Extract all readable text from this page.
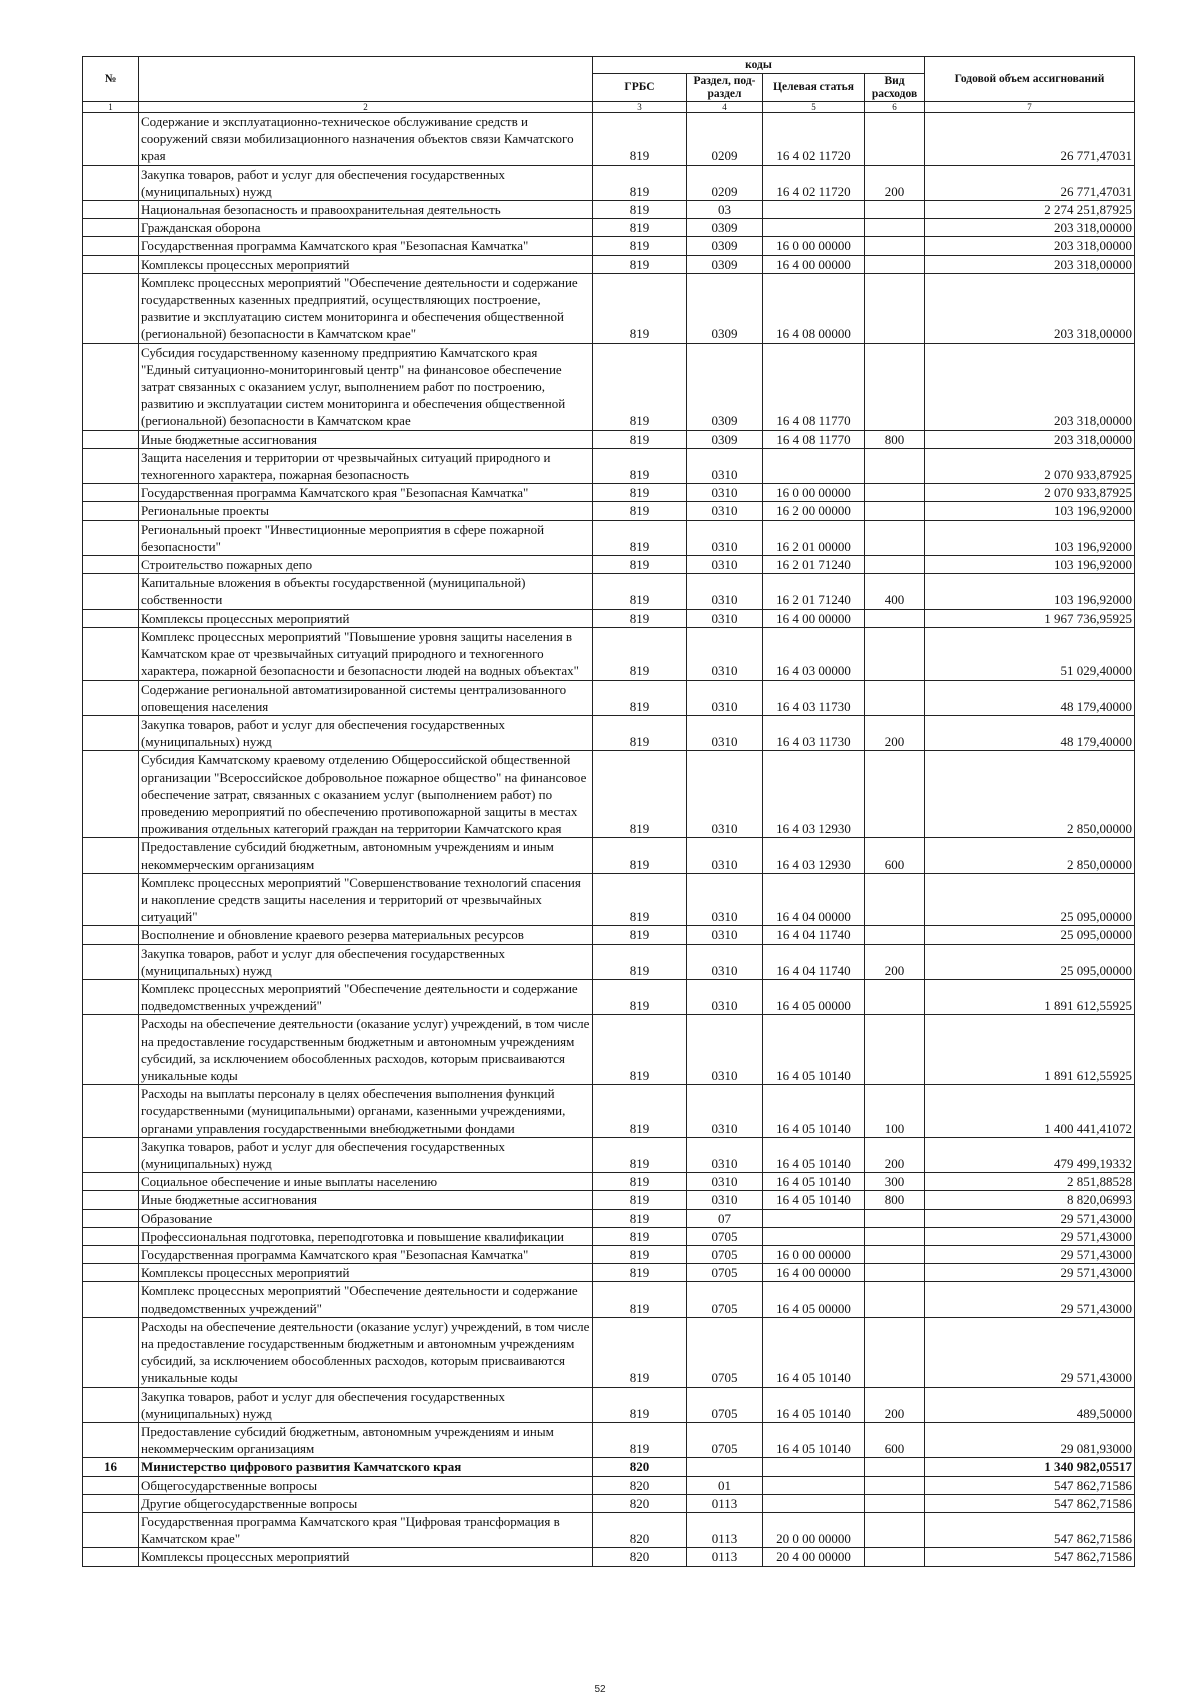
№		коды				Годовой объем ассигнований
		ГРБС	Раздел, под-раздел	Целевая статья	Вид расходов	
1	2	3	4	5	6	7
	Содержание и эксплуатационно-техническое обслуживание средств и сооружений связи мобилизационного назначения объектов связи Камчатского края	819	0209	16 4 02 11720		26 771,47031
	Закупка товаров, работ и услуг для обеспечения государственных (муниципальных) нужд	819	0209	16 4 02 11720	200	26 771,47031
	Национальная безопасность и правоохранительная деятельность	819	03			2 274 251,87925
	Гражданская оборона	819	0309			203 318,00000
	Государственная программа Камчатского края "Безопасная Камчатка"	819	0309	16 0 00 00000		203 318,00000
	Комплексы процессных мероприятий	819	0309	16 4 00 00000		203 318,00000
	Комплекс процессных мероприятий "Обеспечение деятельности и содержание государственных казенных предприятий, осуществляющих построение, развитие и эксплуатацию систем мониторинга и обеспечения общественной (региональной) безопасности в Камчатском крае"	819	0309	16 4 08 00000		203 318,00000
	Субсидия государственному казенному предприятию Камчатского края "Единый ситуационно-мониторинговый центр" на финансовое обеспечение затрат связанных с оказанием услуг, выполнением работ по построению, развитию и эксплуатации систем мониторинга и обеспечения общественной (региональной) безопасности в Камчатском крае	819	0309	16 4 08 11770		203 318,00000
	Иные бюджетные ассигнования	819	0309	16 4 08 11770	800	203 318,00000
	Защита населения и территории от чрезвычайных ситуаций природного и техногенного характера, пожарная безопасность	819	0310			2 070 933,87925
	Государственная программа Камчатского края "Безопасная Камчатка"	819	0310	16 0 00 00000		2 070 933,87925
	Региональные проекты	819	0310	16 2 00 00000		103 196,92000
	Региональный проект "Инвестиционные мероприятия в сфере пожарной безопасности"	819	0310	16 2 01 00000		103 196,92000
	Строительство пожарных депо	819	0310	16 2 01 71240		103 196,92000
	Капитальные вложения в объекты государственной (муниципальной) собственности	819	0310	16 2 01 71240	400	103 196,92000
	Комплексы процессных мероприятий	819	0310	16 4 00 00000		1 967 736,95925
	Комплекс процессных мероприятий "Повышение уровня защиты населения в Камчатском крае от чрезвычайных ситуаций природного и техногенного характера, пожарной безопасности и безопасности людей на водных объектах"	819	0310	16 4 03 00000		51 029,40000
	Содержание региональной автоматизированной системы централизованного оповещения населения	819	0310	16 4 03 11730		48 179,40000
	Закупка товаров, работ и услуг для обеспечения государственных (муниципальных) нужд	819	0310	16 4 03 11730	200	48 179,40000
	Субсидия Камчатскому краевому отделению Общероссийской общественной организации "Всероссийское добровольное пожарное общество" на финансовое обеспечение затрат, связанных с оказанием услуг (выполнением работ) по проведению мероприятий по обеспечению противопожарной защиты в местах проживания отдельных категорий граждан на территории Камчатского края	819	0310	16 4 03 12930		2 850,00000
	Предоставление субсидий бюджетным, автономным учреждениям и иным некоммерческим организациям	819	0310	16 4 03 12930	600	2 850,00000
	Комплекс процессных мероприятий "Совершенствование технологий спасения и накопление средств защиты населения и территорий от чрезвычайных ситуаций"	819	0310	16 4 04 00000		25 095,00000
	Восполнение и обновление краевого резерва материальных ресурсов	819	0310	16 4 04 11740		25 095,00000
	Закупка товаров, работ и услуг для обеспечения государственных (муниципальных) нужд	819	0310	16 4 04 11740	200	25 095,00000
	Комплекс процессных мероприятий "Обеспечение деятельности и содержание подведомственных учреждений"	819	0310	16 4 05 00000		1 891 612,55925
	Расходы на обеспечение деятельности (оказание услуг) учреждений, в том числе на предоставление государственным бюджетным и автономным учреждениям субсидий, за исключением обособленных расходов, которым присваиваются уникальные коды	819	0310	16 4 05 10140		1 891 612,55925
	Расходы на выплаты персоналу в целях обеспечения выполнения функций государственными (муниципальными) органами, казенными учреждениями, органами управления государственными внебюджетными фондами	819	0310	16 4 05 10140	100	1 400 441,41072
	Закупка товаров, работ и услуг для обеспечения государственных (муниципальных) нужд	819	0310	16 4 05 10140	200	479 499,19332
	Социальное обеспечение и иные выплаты населению	819	0310	16 4 05 10140	300	2 851,88528
	Иные бюджетные ассигнования	819	0310	16 4 05 10140	800	8 820,06993
	Образование	819	07			29 571,43000
	Профессиональная подготовка, переподготовка и повышение квалификации	819	0705			29 571,43000
	Государственная программа Камчатского края "Безопасная Камчатка"	819	0705	16 0 00 00000		29 571,43000
	Комплексы процессных мероприятий	819	0705	16 4 00 00000		29 571,43000
	Комплекс процессных мероприятий "Обеспечение деятельности и содержание подведомственных учреждений"	819	0705	16 4 05 00000		29 571,43000
	Расходы на обеспечение деятельности (оказание услуг) учреждений, в том числе на предоставление государственным бюджетным и автономным учреждениям субсидий, за исключением обособленных расходов, которым присваиваются уникальные коды	819	0705	16 4 05 10140		29 571,43000
	Закупка товаров, работ и услуг для обеспечения государственных (муниципальных) нужд	819	0705	16 4 05 10140	200	489,50000
	Предоставление субсидий бюджетным, автономным учреждениям и иным некоммерческим организациям	819	0705	16 4 05 10140	600	29 081,93000
16	Министерство цифрового развития Камчатского края	820				1 340 982,05517
	Общегосударственные вопросы	820	01			547 862,71586
	Другие общегосударственные вопросы	820	0113			547 862,71586
	Государственная программа Камчатского края "Цифровая трансформация в Камчатском крае"	820	0113	20 0 00 00000		547 862,71586
	Комплексы процессных мероприятий	820	0113	20 4 00 00000		547 862,71586
52
